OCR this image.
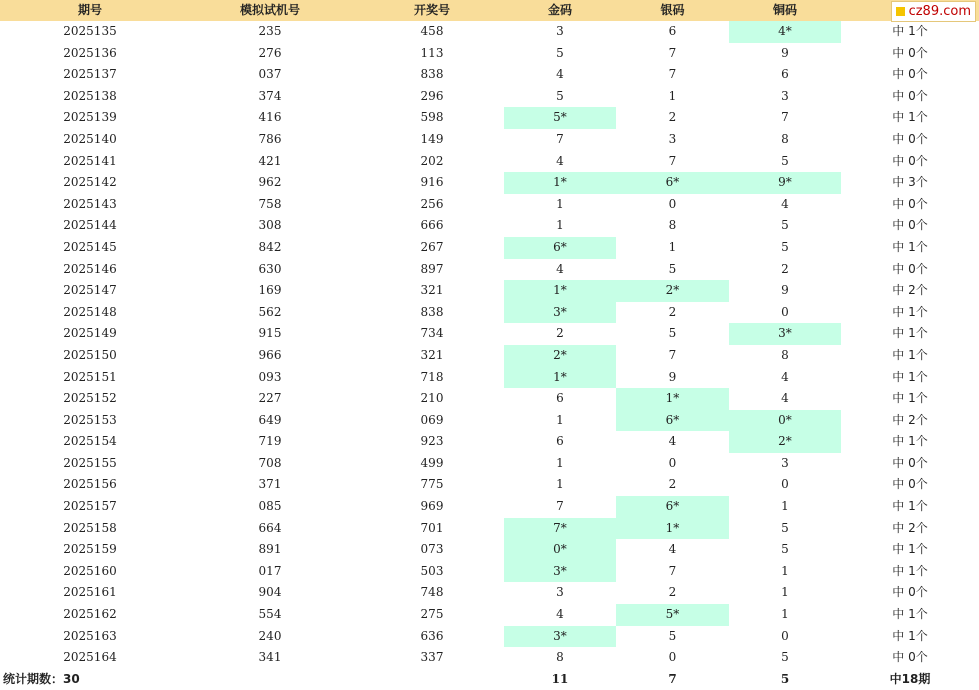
期号	模拟试机号	开奖号	金码	银码	铜码	
2025135	235	458	3	6	4*	中 1个
2025136	276	113	5	7	9	中 0个
2025137	037	838	4	7	6	中 0个
2025138	374	296	5	1	3	中 0个
2025139	416	598	5*	2	7	中 1个
2025140	786	149	7	3	8	中 0个
2025141	421	202	4	7	5	中 0个
2025142	962	916	1*	6*	9*	中 3个
2025143	758	256	1	0	4	中 0个
2025144	308	666	1	8	5	中 0个
2025145	842	267	6*	1	5	中 1个
2025146	630	897	4	5	2	中 0个
2025147	169	321	1*	2*	9	中 2个
2025148	562	838	3*	2	0	中 1个
2025149	915	734	2	5	3*	中 1个
2025150	966	321	2*	7	8	中 1个
2025151	093	718	1*	9	4	中 1个
2025152	227	210	6	1*	4	中 1个
2025153	649	069	1	6*	0*	中 2个
2025154	719	923	6	4	2*	中 1个
2025155	708	499	1	0	3	中 0个
2025156	371	775	1	2	0	中 0个
2025157	085	969	7	6*	1	中 1个
2025158	664	701	7*	1*	5	中 2个
2025159	891	073	0*	4	5	中 1个
2025160	017	503	3*	7	1	中 1个
2025161	904	748	3	2	1	中 0个
2025162	554	275	4	5*	1	中 1个
2025163	240	636	3*	5	0	中 1个
2025164	341	337	8	0	5	中 0个
统计期数：30			11	7	5	中18期
cz89.com
